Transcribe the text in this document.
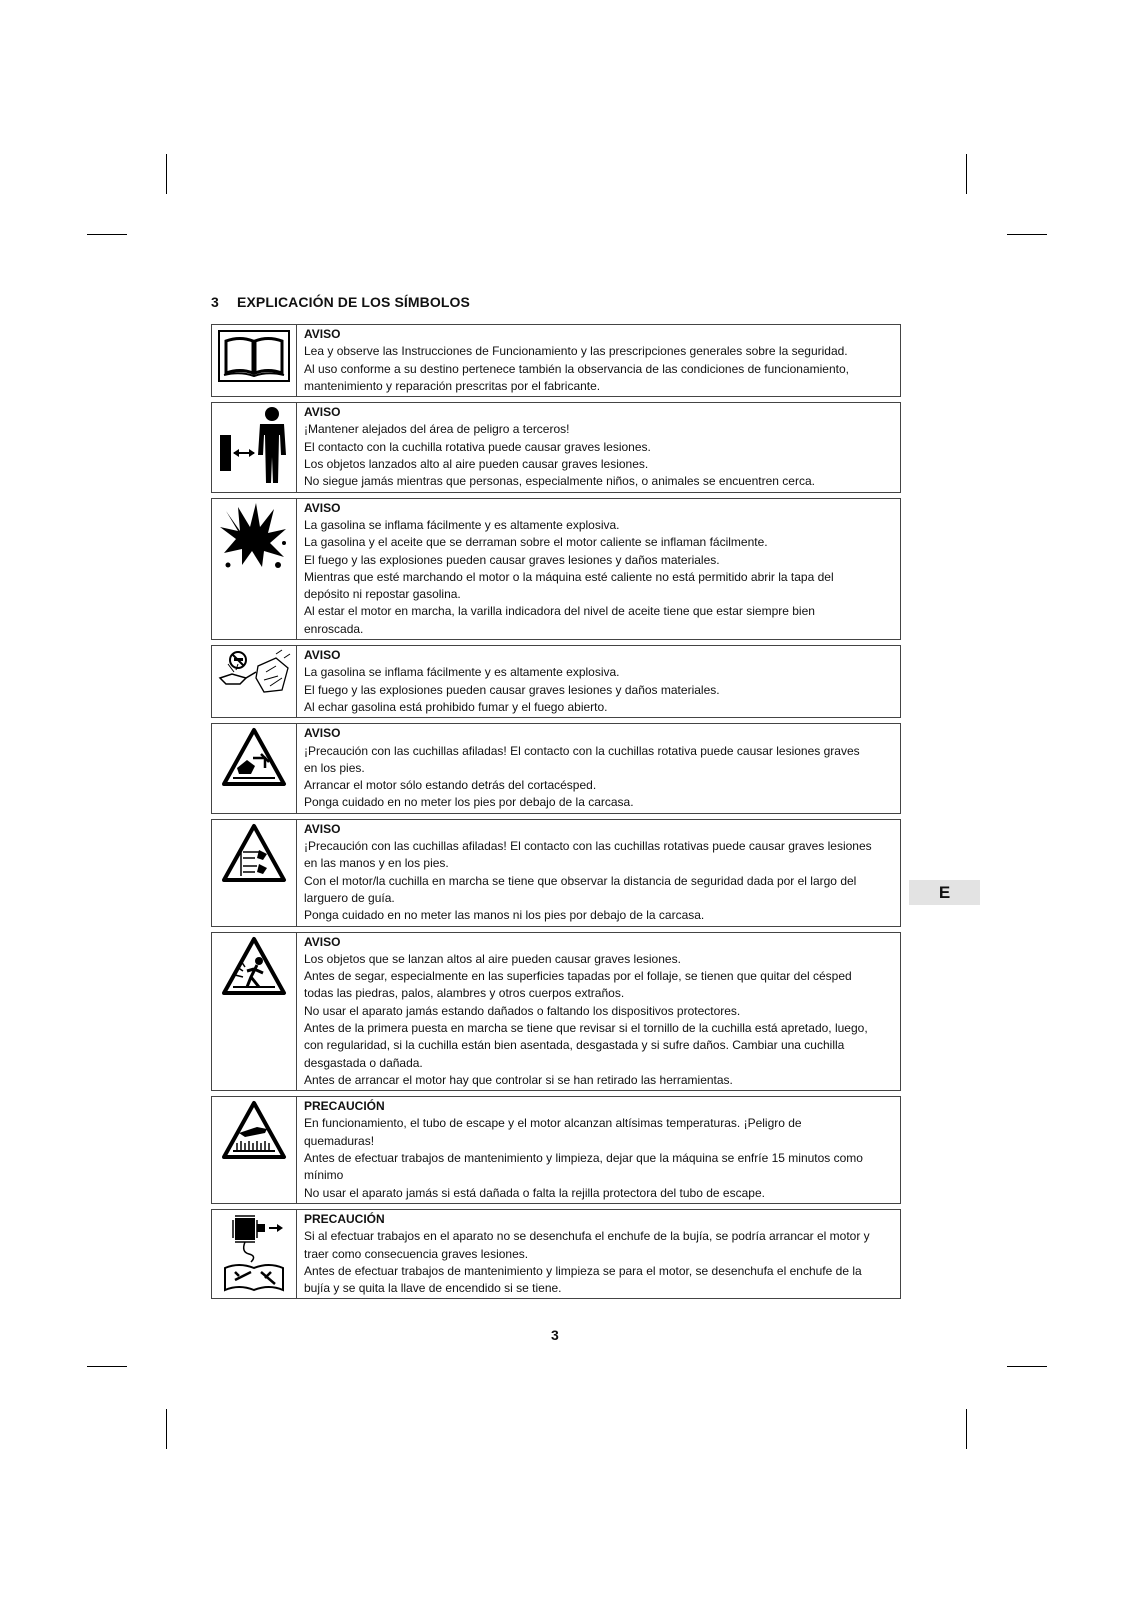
3 EXPLICACIÓN DE LOS SÍMBOLOS
AVISO
Lea y observe las Instrucciones de Funcionamiento y las prescripciones generales sobre la seguridad.
Al uso conforme a su destino pertenece también la observancia de las condiciones de funcionamiento,
mantenimiento y reparación prescritas por el fabricante.
AVISO
¡Mantener alejados del área de peligro a terceros!
El contacto con la cuchilla rotativa puede causar graves lesiones.
Los objetos lanzados alto al aire pueden causar graves lesiones.
No siegue jamás mientras que personas, especialmente niños, o animales se encuentren cerca.
AVISO
La gasolina se inflama fácilmente y es altamente explosiva.
La gasolina y el aceite que se derraman sobre el motor caliente se inflaman fácilmente.
El fuego y las explosiones pueden causar graves lesiones y daños materiales.
Mientras que esté marchando el motor o la máquina esté caliente no está permitido abrir la tapa del
depósito ni repostar gasolina.
Al estar el motor en marcha, la varilla indicadora del nivel de aceite tiene que estar siempre bien
enroscada.
AVISO
La gasolina se inflama fácilmente y es altamente explosiva.
El fuego y las explosiones pueden causar graves lesiones y daños materiales.
Al echar gasolina está prohibido fumar y el fuego abierto.
AVISO
¡Precaución con las cuchillas afiladas! El contacto con la cuchillas rotativa puede causar lesiones graves
en los pies.
Arrancar el motor sólo estando detrás del cortacésped.
Ponga cuidado en no meter los pies por debajo de la carcasa.
AVISO
¡Precaución con las cuchillas afiladas! El contacto con las cuchillas rotativas puede causar graves lesiones
en las manos y en los pies.
Con el motor/la cuchilla en marcha se tiene que observar la distancia de seguridad dada por el largo del
larguero de guía.
Ponga cuidado en no meter las manos ni los pies por debajo de la carcasa.
AVISO
Los objetos que se lanzan altos al aire pueden causar graves lesiones.
Antes de segar, especialmente en las superficies tapadas por el follaje, se tienen que quitar del césped
todas las piedras, palos, alambres y otros cuerpos extraños.
No usar el aparato jamás estando dañados o faltando los dispositivos protectores.
Antes de la primera puesta en marcha se tiene que revisar si el tornillo de la cuchilla está apretado, luego,
con regularidad, si la cuchilla están bien asentada, desgastada y si sufre daños. Cambiar una cuchilla
desgastada o dañada.
Antes de arrancar el motor hay que controlar si se han retirado las herramientas.
PRECAUCIÓN
En funcionamiento, el tubo de escape y el motor alcanzan altísimas temperaturas. ¡Peligro de
quemaduras!
Antes de efectuar trabajos de mantenimiento y limpieza, dejar que la máquina se enfríe 15 minutos como
mínimo
No usar el aparato jamás si está dañada o falta la rejilla protectora del tubo de escape.
PRECAUCIÓN
Si al efectuar trabajos en el aparato no se desenchufa el enchufe de la bujía, se podría arrancar el motor y
traer como consecuencia graves lesiones.
Antes de efectuar trabajos de mantenimiento y limpieza se para el motor, se desenchufa el enchufe de la
bujía y se quita la llave de encendido si se tiene.
E
3
